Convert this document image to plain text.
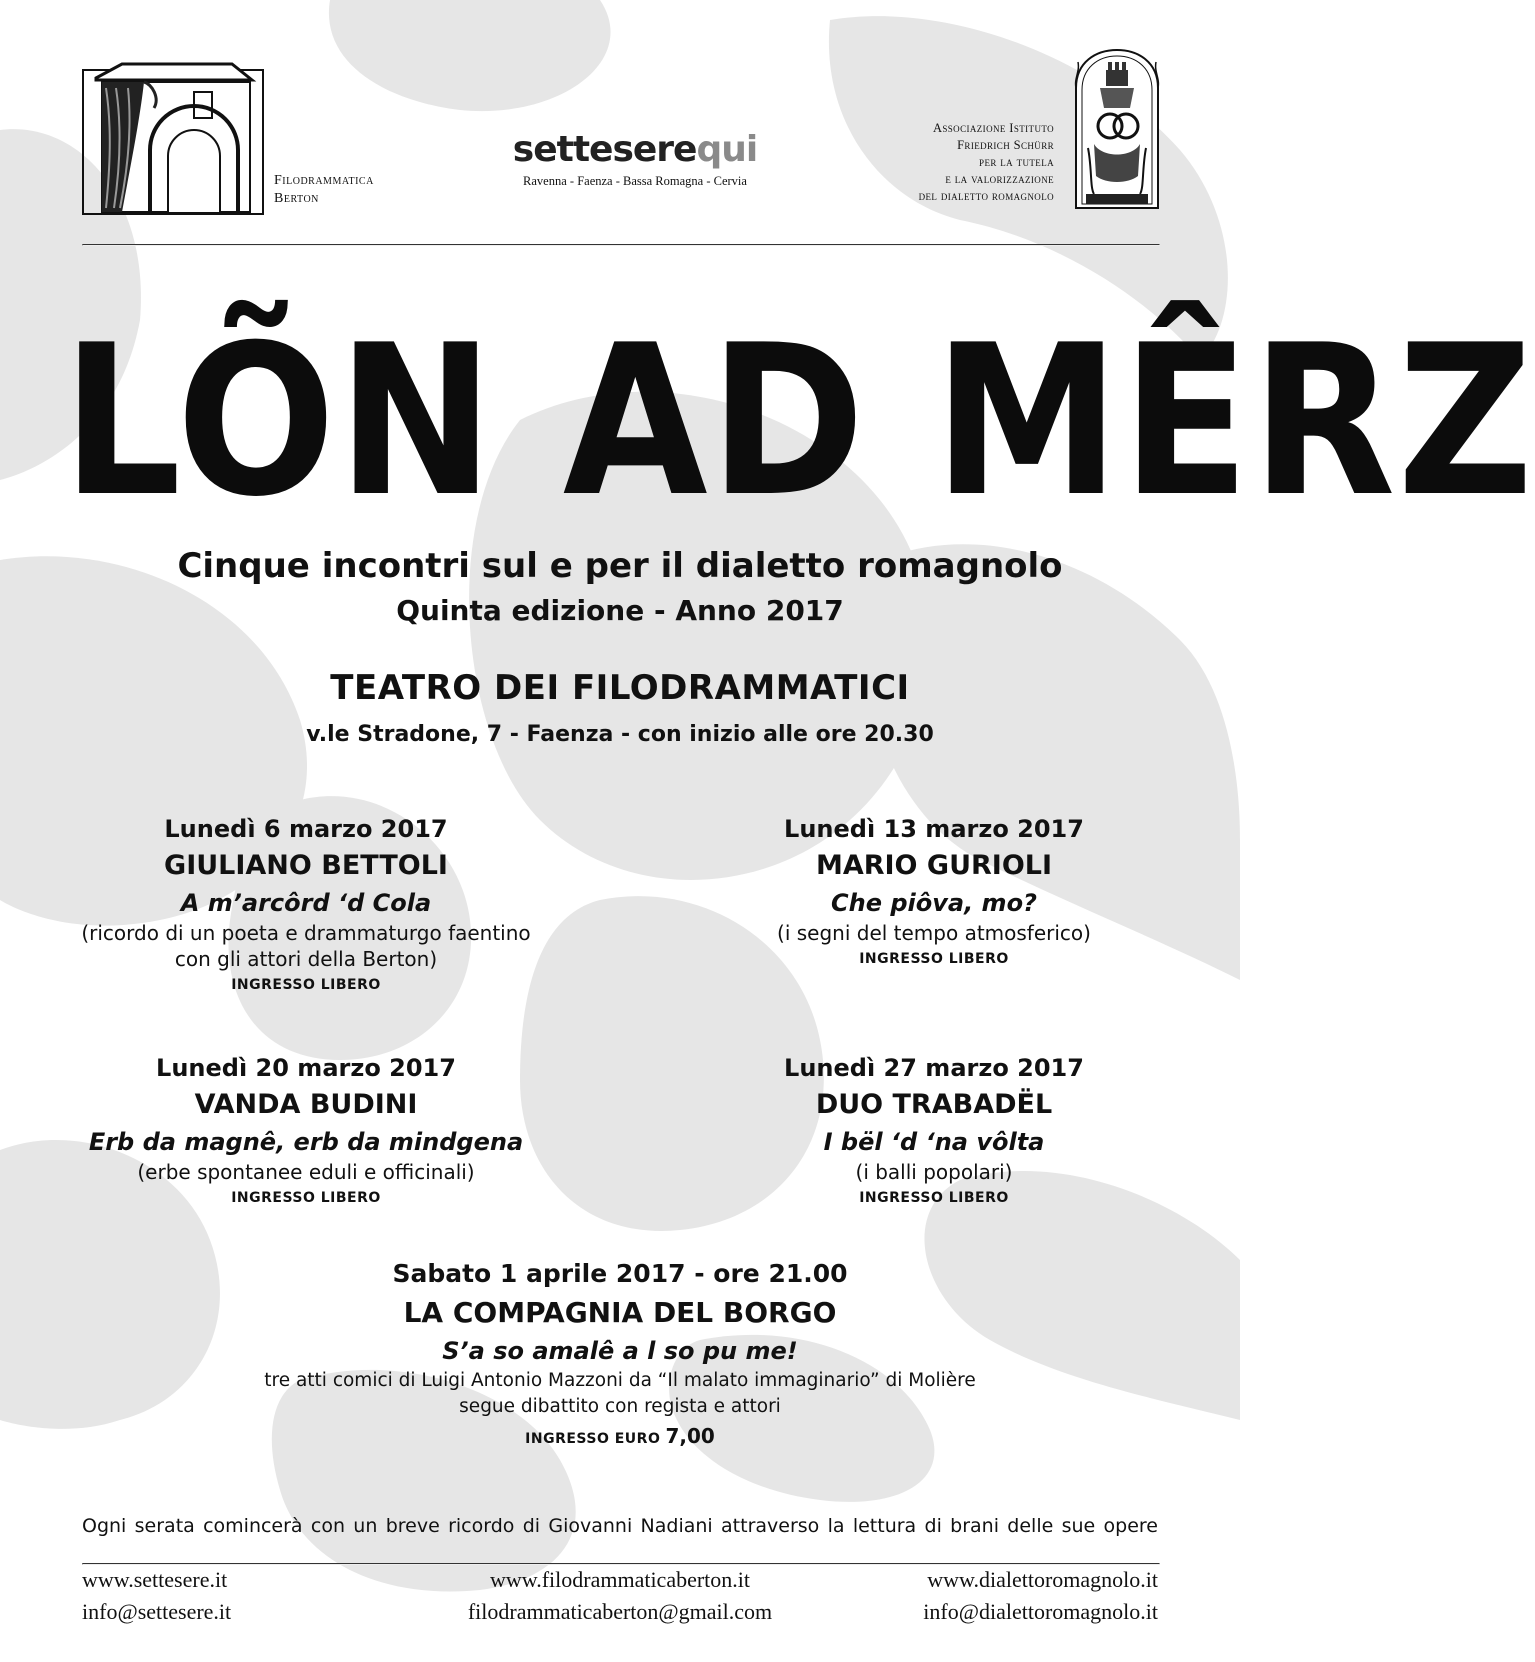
Filodrammatica
Berton
setteserequi
Ravenna - Faenza - Bassa Romagna - Cervia
Associazione Istituto
Friedrich Schürr
per la tutela
e la valorizzazione
del dialetto romagnolo
LÕN AD MÊRZ
Cinque incontri sul e per il dialetto romagnolo
Quinta edizione - Anno 2017
TEATRO DEI FILODRAMMATICI
v.le Stradone, 7 - Faenza - con inizio alle ore 20.30
Lunedì 6 marzo 2017
GIULIANO BETTOLI
A m’arcôrd ‘d Cola
(ricordo di un poeta e drammaturgo faentino
con gli attori della Berton)
INGRESSO LIBERO
Lunedì 13 marzo 2017
MARIO GURIOLI
Che piôva, mo?
(i segni del tempo atmosferico)
INGRESSO LIBERO
Lunedì 20 marzo 2017
VANDA BUDINI
Erb da magnê, erb da mindgena
(erbe spontanee eduli e officinali)
INGRESSO LIBERO
Lunedì 27 marzo 2017
DUO TRABADËL
I bël ‘d ‘na vôlta
(i balli popolari)
INGRESSO LIBERO
Sabato 1 aprile 2017 - ore 21.00
LA COMPAGNIA DEL BORGO
S’a so amalê a l so pu me!
tre atti comici di Luigi Antonio Mazzoni da “Il malato immaginario” di Molière
segue dibattito con regista e attori
INGRESSO EURO 7,00
Ogni serata comincerà con un breve ricordo di Giovanni Nadiani attraverso la lettura di brani delle sue opere
www.settesere.it
info@settesere.it
www.filodrammaticaberton.it
filodrammaticaberton@gmail.com
www.dialettoromagnolo.it
info@dialettoromagnolo.it
